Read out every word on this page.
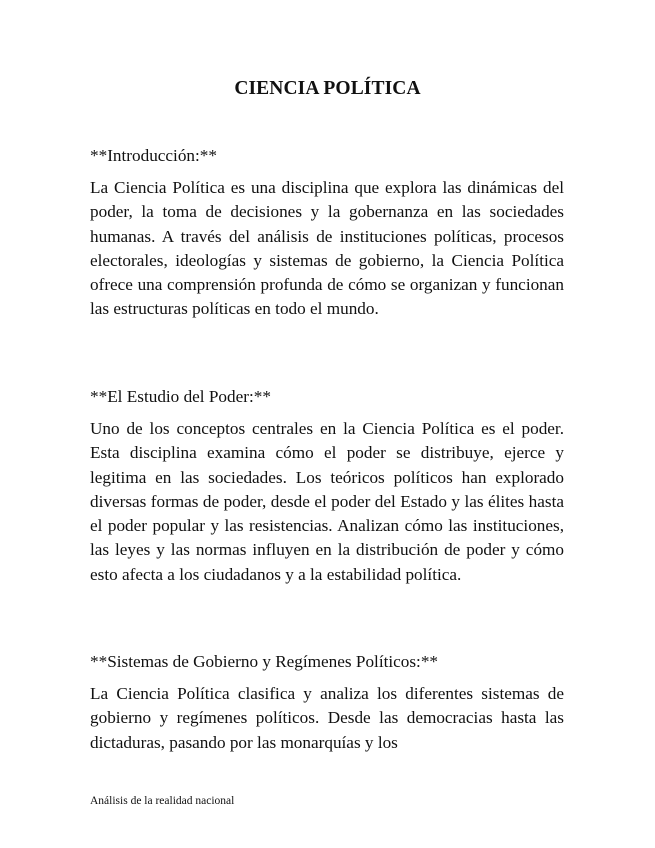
CIENCIA POLÍTICA

**Introducción:**

La Ciencia Política es una disciplina que explora las dinámicas del poder, la toma de decisiones y la gobernanza en las sociedades humanas. A través del análisis de instituciones políticas, procesos electorales, ideologías y sistemas de gobierno, la Ciencia Política ofrece una comprensión profunda de cómo se organizan y funcionan las estructuras políticas en todo el mundo.

**El Estudio del Poder:**

Uno de los conceptos centrales en la Ciencia Política es el poder. Esta disciplina examina cómo el poder se distribuye, ejerce y legitima en las sociedades. Los teóricos políticos han explorado diversas formas de poder, desde el poder del Estado y las élites hasta el poder popular y las resistencias. Analizan cómo las instituciones, las leyes y las normas influyen en la distribución de poder y cómo esto afecta a los ciudadanos y a la estabilidad política.

**Sistemas de Gobierno y Regímenes Políticos:**

La Ciencia Política clasifica y analiza los diferentes sistemas de gobierno y regímenes políticos. Desde las democracias hasta las dictaduras, pasando por las monarquías y los

Análisis de la realidad nacional
